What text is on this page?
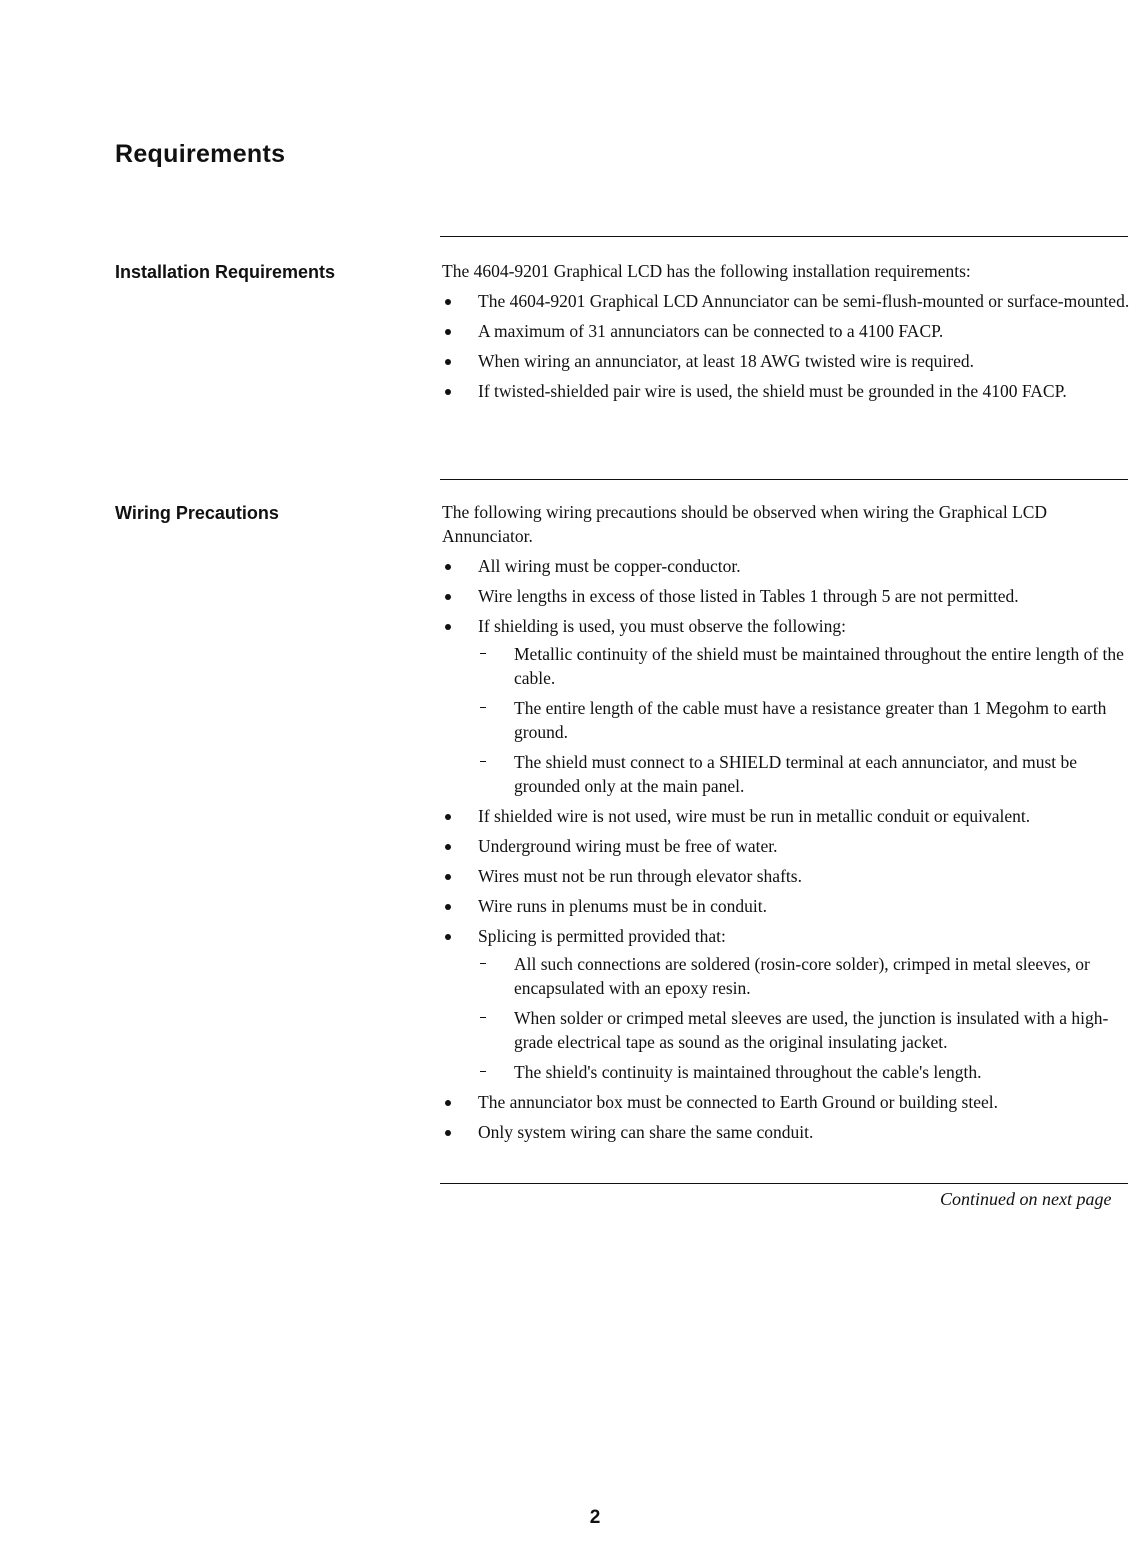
Requirements
Installation Requirements	The 4604-9201 Graphical LCD has the following installation requirements:

The 4604-9201 Graphical LCD Annunciator can be semi-flush-mounted or surface-mounted.
A maximum of 31 annunciators can be connected to a 4100 FACP.
When wiring an annunciator, at least 18 AWG twisted wire is required.
If twisted-shielded pair wire is used, the shield must be grounded in the 4100 FACP.
Wiring Precautions	The following wiring precautions should be observed when wiring the Graphical LCD Annunciator.

All wiring must be copper-conductor.
Wire lengths in excess of those listed in Tables 1 through 5 are not permitted.
If shielding is used, you must observe the following:
Metallic continuity of the shield must be maintained throughout the entire length of the cable.
The entire length of the cable must have a resistance greater than 1 Megohm to earth ground.
The shield must connect to a SHIELD terminal at each annunciator, and must be grounded only at the main panel.
If shielded wire is not used, wire must be run in metallic conduit or equivalent.
Underground wiring must be free of water.
Wires must not be run through elevator shafts.
Wire runs in plenums must be in conduit.
Splicing is permitted provided that:
All such connections are soldered (rosin-core solder), crimped in metal sleeves, or encapsulated with an epoxy resin.
When solder or crimped metal sleeves are used, the junction is insulated with a high-grade electrical tape as sound as the original insulating jacket.
The shield's continuity is maintained throughout the cable's length.
The annunciator box must be connected to Earth Ground or building steel.
Only system wiring can share the same conduit.
Continued on next page
2
